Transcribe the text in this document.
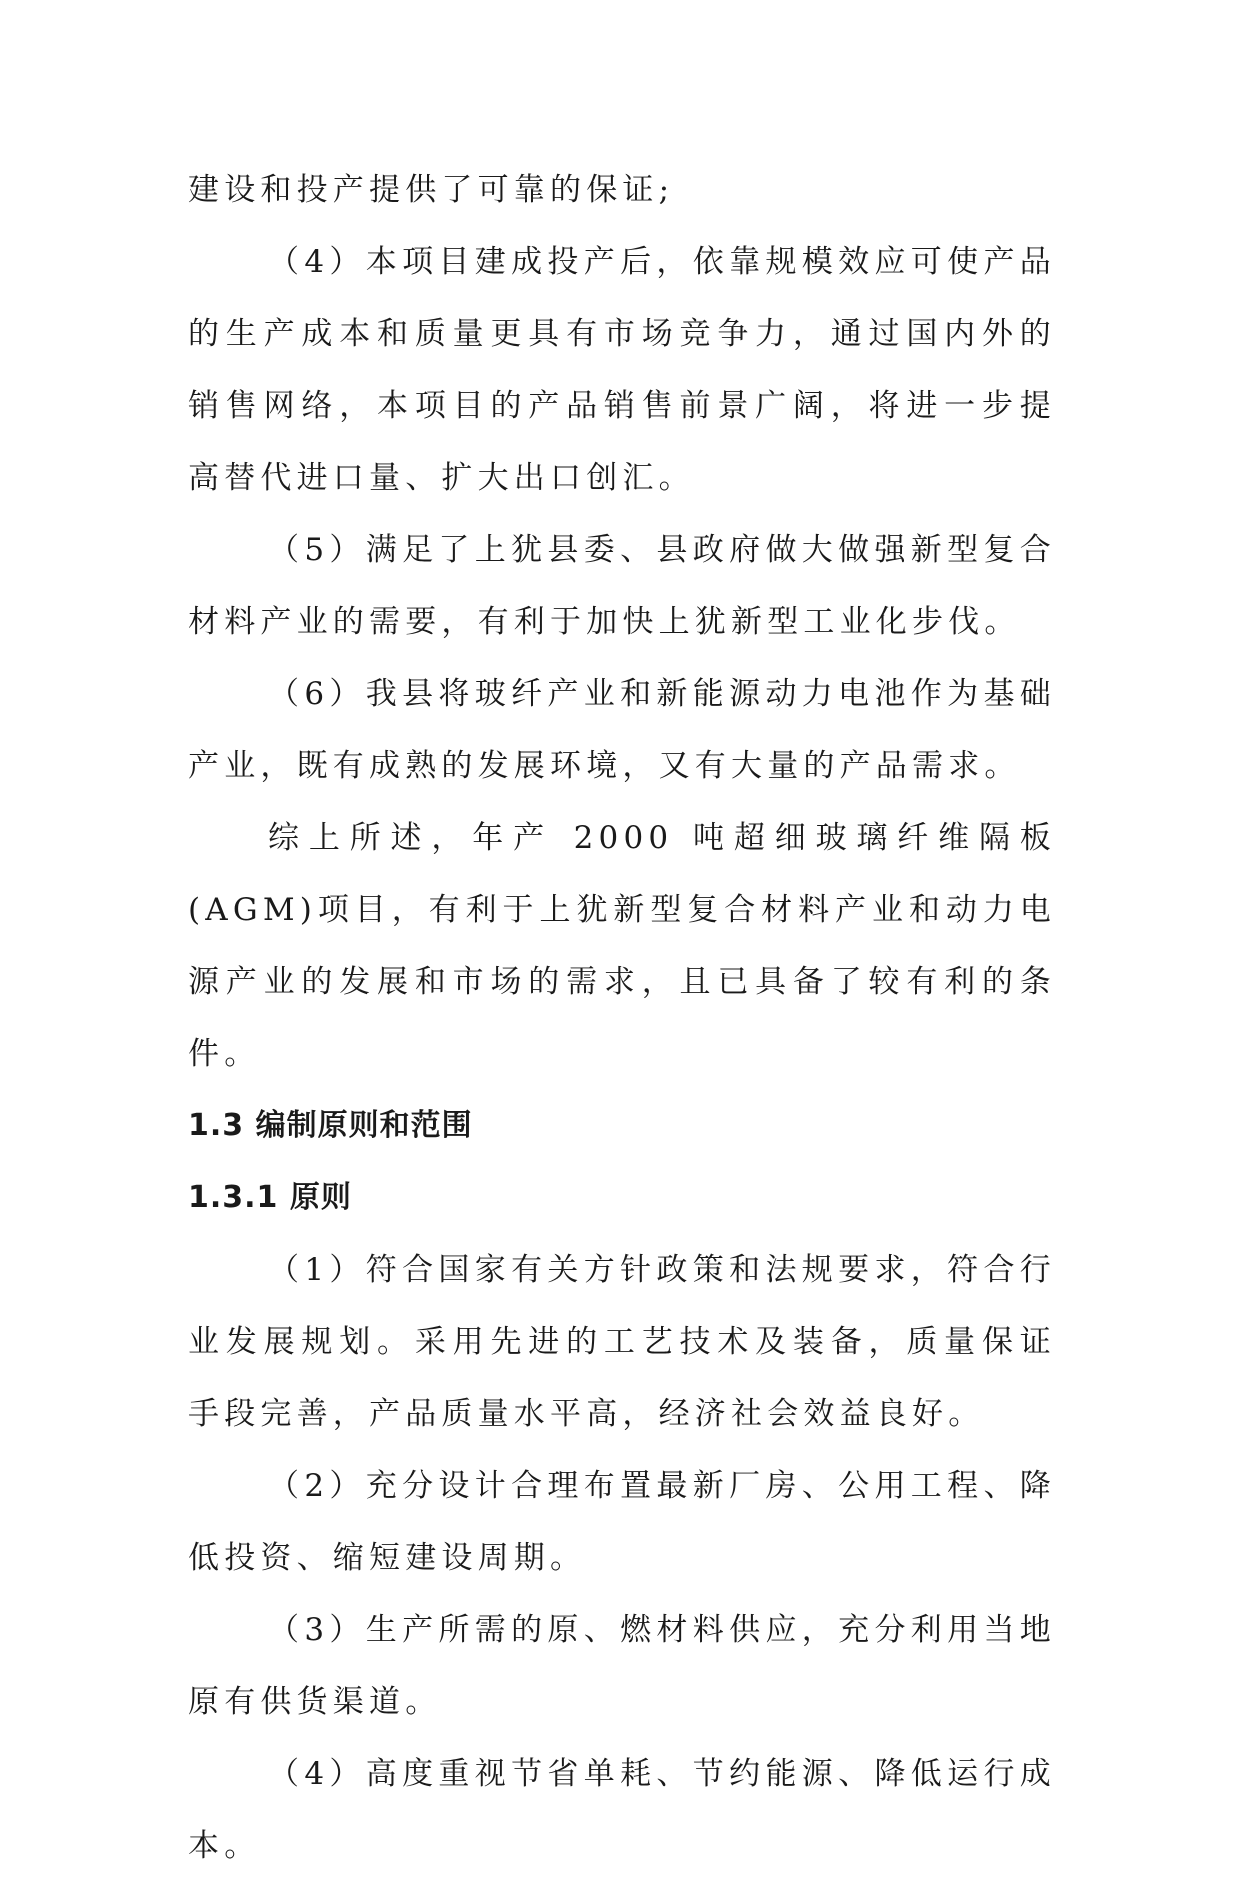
建设和投产提供了可靠的保证;

（4）本项目建成投产后，依靠规模效应可使产品的生产成本和质量更具有市场竞争力，通过国内外的销售网络，本项目的产品销售前景广阔，将进一步提高替代进口量、扩大出口创汇。

（5）满足了上犹县委、县政府做大做强新型复合材料产业的需要，有利于加快上犹新型工业化步伐。

（6）我县将玻纤产业和新能源动力电池作为基础产业，既有成熟的发展环境，又有大量的产品需求。

综上所述，年产 2000 吨超细玻璃纤维隔板(AGM)项目，有利于上犹新型复合材料产业和动力电源产业的发展和市场的需求，且已具备了较有利的条件。

1.3 编制原则和范围
1.3.1 原则

（1）符合国家有关方针政策和法规要求，符合行业发展规划。采用先进的工艺技术及装备，质量保证手段完善，产品质量水平高，经济社会效益良好。

（2）充分设计合理布置最新厂房、公用工程、降低投资、缩短建设周期。

（3）生产所需的原、燃材料供应，充分利用当地原有供货渠道。

（4）高度重视节省单耗、节约能源、降低运行成本。
